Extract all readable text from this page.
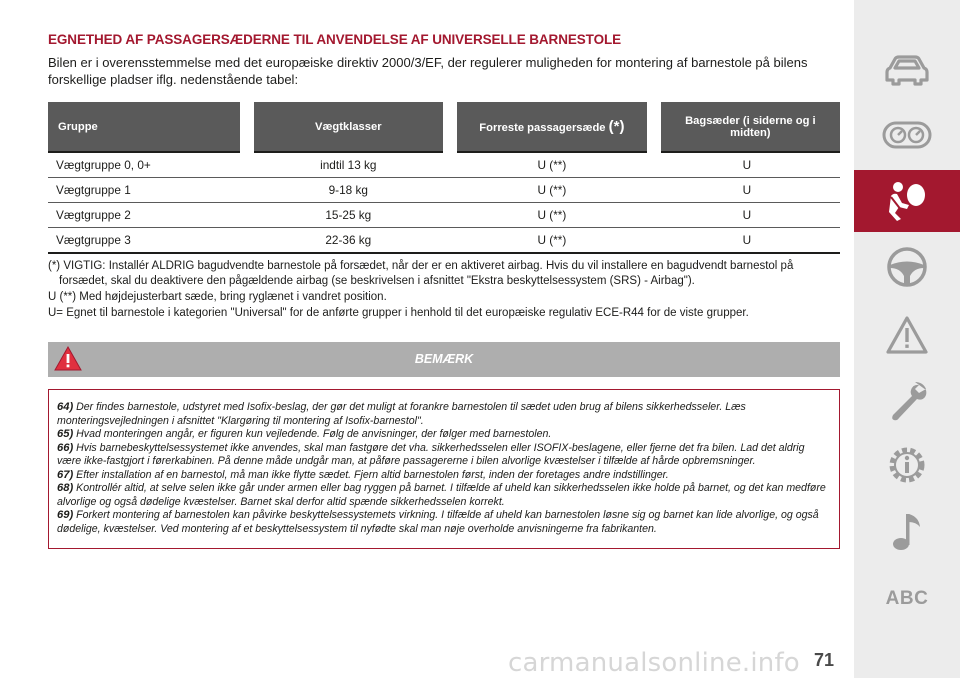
EGNETHED AF PASSAGERSÆDERNE TIL ANVENDELSE AF UNIVERSELLE BARNESTOLE
Bilen er i overensstemmelse med det europæiske direktiv 2000/3/EF, der regulerer muligheden for montering af barnestole på bilens forskellige pladser iflg. nedenstående tabel:
Gruppe	Vægtklasser	Forreste passagersæde (*)	Bagsæder (i siderne og i midten)
Vægtgruppe 0, 0+	indtil 13 kg	U (**)	U
Vægtgruppe 1	9-18 kg	U (**)	U
Vægtgruppe 2	15-25 kg	U (**)	U
Vægtgruppe 3	22-36 kg	U (**)	U

(*) VIGTIG: Installér ALDRIG bagudvendte barnestole på forsædet, når der er en aktiveret airbag. Hvis du vil installere en bagudvendt barnestol på forsædet, skal du deaktivere den pågældende airbag (se beskrivelsen i afsnittet "Ekstra beskyttelsessystem (SRS) - Airbag").

U (**) Med højdejusterbart sæde, bring ryglænet i vandret position.

U= Egnet til barnestole i kategorien "Universal" for de anførte grupper i henhold til det europæiske regulativ ECE-R44 for de viste grupper.

BEMÆRK

64) Der findes barnestole, udstyret med Isofix-beslag, der gør det muligt at forankre barnestolen til sædet uden brug af bilens sikkerhedsseler. Læs monteringsvejledningen i afsnittet "Klargøring til montering af Isofix-barnestol".

65) Hvad monteringen angår, er figuren kun vejledende. Følg de anvisninger, der følger med barnestolen.

66) Hvis barnebeskyttelsessystemet ikke anvendes, skal man fastgøre det vha. sikkerhedsselen eller ISOFIX-beslagene, eller fjerne det fra bilen. Lad det aldrig være ikke-fastgjort i førerkabinen. På denne måde undgår man, at påføre passagererne i bilen alvorlige kvæstelser i tilfælde af hårde opbremsninger.

67) Efter installation af en barnestol, må man ikke flytte sædet. Fjern altid barnestolen først, inden der foretages andre indstillinger.

68) Kontrollér altid, at selve selen ikke går under armen eller bag ryggen på barnet. I tilfælde af uheld kan sikkerhedsselen ikke holde på barnet, og det kan medføre alvorlige og også dødelige kvæstelser. Barnet skal derfor altid spænde sikkerhedsselen korrekt.

69) Forkert montering af barnestolen kan påvirke beskyttelsessystemets virkning. I tilfælde af uheld kan barnestolen løsne sig og barnet kan lide alvorlige, og også dødelige, kvæstelser. Ved montering af et beskyttelsessystem til nyfødte skal man nøje overholde anvisningerne fra fabrikanten.

ABC
carmanualsonline.info 71
